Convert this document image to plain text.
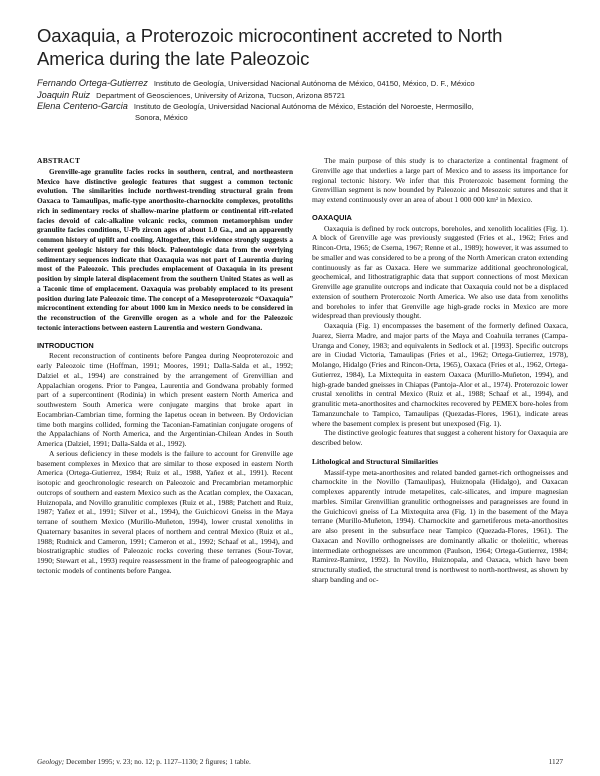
Oaxaquia, a Proterozoic microcontinent accreted to North America during the late Paleozoic
Fernando Ortega-Gutierrez Instituto de Geología, Universidad Nacional Autónoma de México, 04150, México, D. F., México
Joaquin Ruiz Department of Geosciences, University of Arizona, Tucson, Arizona 85721
Elena Centeno-Garcia Instituto de Geología, Universidad Nacional Autónoma de México, Estación del Noroeste, Hermosillo,
Sonora, México
ABSTRACT

Grenville-age granulite facies rocks in southern, central, and northeastern Mexico have distinctive geologic features that suggest a common tectonic evolution. The similarities include northwest-trending structural grain from Oaxaca to Tamaulipas, mafic-type anorthosite-charnockite complexes, protoliths rich in sedimentary rocks of shallow-marine platform or continental rift-related facies devoid of calc-alkaline volcanic rocks, common metamorphism under granulite facies conditions, U-Pb zircon ages of about 1.0 Ga., and an apparently common history of uplift and cooling. Altogether, this evidence strongly suggests a coherent geologic history for this block. Paleontologic data from the overlying sedimentary sequences indicate that Oaxaquia was not part of Laurentia during most of the Paleozoic. This precludes emplacement of Oaxaquia in its present position by simple lateral displacement from the southern United States as well as a Taconic time of emplacement. Oaxaquia was probably emplaced to its present position during late Paleozoic time. The concept of a Mesoproterozoic “Oaxaquia” microcontinent extending for about 1000 km in Mexico needs to be considered in the reconstruction of the Grenville orogen as a whole and for the Paleozoic tectonic interactions between eastern Laurentia and western Gondwana.

INTRODUCTION

Recent reconstruction of continents before Pangea during Neoproterozoic and early Paleozoic time (Hoffman, 1991; Moores, 1991; Dalla-Salda et al., 1992; Dalziel et al., 1994) are constrained by the arrangement of Grenvillian and Appalachian orogens. Prior to Pangea, Laurentia and Gondwana probably formed part of a supercontinent (Rodinia) in which present eastern North America and southwestern South America were conjugate margins that broke apart in Eocambrian-Cambrian time, forming the Iapetus ocean in between. By Ordovician time both margins collided, forming the Taconian-Famatinian conjugate orogens of the Appalachians of North America, and the Argentinian-Chilean Andes in South America (Dalziel, 1991; Dalla-Salda et al., 1992).

A serious deficiency in these models is the failure to account for Grenville age basement complexes in Mexico that are similar to those exposed in eastern North America (Ortega-Gutierrez, 1984; Ruiz et al., 1988, Yañez et al., 1991). Recent isotopic and geochronologic research on Paleozoic and Precambrian metamorphic outcrops of southern and eastern Mexico such as the Acatlan complex, the Oaxacan, Huiznopala, and Novillo granulitic complexes (Ruiz et al., 1988; Patchett and Ruiz, 1987; Yañez et al., 1991; Silver et al., 1994), the Guichicovi Gneiss in the Maya terrane of southern Mexico (Murillo-Muñeton, 1994), lower crustal xenoliths in Quaternary basanites in several places of northern and central Mexico (Ruiz et al., 1988; Rudnick and Cameron, 1991; Cameron et al., 1992; Schaaf et al., 1994), and biostratigraphic studies of Paleozoic rocks covering these terranes (Sour-Tovar, 1990; Stewart et al., 1993) require reassessment in the frame of paleogeographic and tectonic models of continents before Pangea.

The main purpose of this study is to characterize a continental fragment of Grenville age that underlies a large part of Mexico and to assess its importance for regional tectonic history. We infer that this Proterozoic basement forming the Grenvillian segment is now bounded by Paleozoic and Mesozoic sutures and that it may extend continuously over an area of about 1 000 000 km² in Mexico.

OAXAQUIA

Oaxaquia is defined by rock outcrops, boreholes, and xenolith localities (Fig. 1). A block of Grenville age was previously suggested (Fries et al., 1962; Fries and Rincon-Orta, 1965; de Cserna, 1967; Renne et al., 1989); however, it was assumed to be smaller and was considered to be a prong of the North American craton extending continuously as far as Oaxaca. Here we summarize additional geochronological, geochemical, and lithostratigraphic data that support connections of most Mexican Grenville age granulite outcrops and indicate that Oaxaquia could not be a displaced extension of southern Proterozoic North America. We also use data from xenoliths and boreholes to infer that Grenville age high-grade rocks in Mexico are more widespread than previously thought.

Oaxaquia (Fig. 1) encompasses the basement of the formerly defined Oaxaca, Juarez, Sierra Madre, and major parts of the Maya and Coahuila terranes (Campa-Uranga and Coney, 1983; and equivalents in Sedlock et al. [1993]. Specific outcrops are in Ciudad Victoria, Tamaulipas (Fries et al., 1962; Ortega-Gutierrez, 1978), Molango, Hidalgo (Fries and Rincon-Orta, 1965), Oaxaca (Fries et al., 1962, Ortega-Gutierrez, 1984), La Mixtequita in eastern Oaxaca (Murillo-Muñeton, 1994), and high-grade banded gneisses in Chiapas (Pantoja-Alor et al., 1974). Proterozoic lower crustal xenoliths in central Mexico (Ruiz et al., 1988; Schaaf et al., 1994), and granulitic meta-anorthosites and charnockites recovered by PEMEX bore-holes from Tamanzunchale to Tampico, Tamaulipas (Quezadas-Flores, 1961), indicate areas where the basement complex is present but unexposed (Fig. 1).

The distinctive geologic features that suggest a coherent history for Oaxaquia are described below.

Lithological and Structural Similarities

Massif-type meta-anorthosites and related banded garnet-rich orthogneisses and charnockite in the Novillo (Tamaulipas), Huiznopala (Hidalgo), and Oaxacan complexes apparently intrude metapelites, calc-silicates, and impure magnesian marbles. Similar Grenvillian granulitic orthogneisses and paragneisses are found in the Guichicovi gneiss of La Mixtequita area (Fig. 1) in the basement of the Maya terrane (Murillo-Muñeton, 1994). Charnockite and garnetiferous meta-anorthosites are also present in the subsurface near Tampico (Quezada-Flores, 1961). The Oaxacan and Novillo orthogneisses are dominantly alkalic or tholeiitic, whereas intermediate orthogneisses are uncommon (Paulson, 1964; Ortega-Gutierrez, 1984; Ramirez-Ramirez, 1992). In Novillo, Huiznopala, and Oaxaca, which have been structurally studied, the structural trend is northwest to north-northwest, as shown by sharp banding and oc-

Geology; December 1995; v. 23; no. 12; p. 1127–1130; 2 figures; 1 table.	1127
